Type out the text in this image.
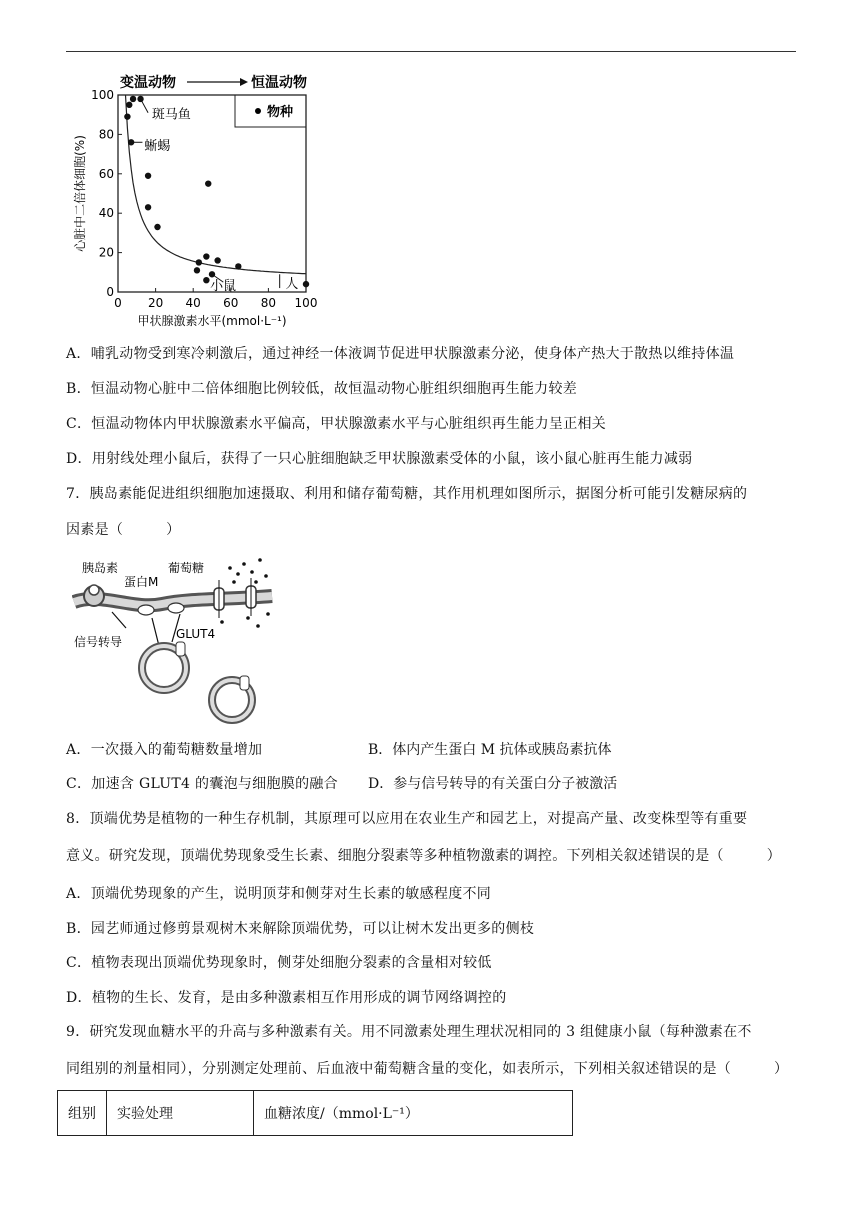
0 20 40 60 80 100
0
20
40
60
80
100
甲状腺激素水平(mmol·L⁻¹)
心脏中二倍体细胞(%)
变温动物	恒温动物
物种
斑马鱼
蜥蜴
小鼠	人
A．哺乳动物受到寒冷刺激后，通过神经一体液调节促进甲状腺激素分泌，使身体产热大于散热以维持体温
B．恒温动物心脏中二倍体细胞比例较低，故恒温动物心脏组织细胞再生能力较差
C．恒温动物体内甲状腺激素水平偏高，甲状腺激素水平与心脏组织再生能力呈正相关
D．用射线处理小鼠后，获得了一只心脏细胞缺乏甲状腺激素受体的小鼠，该小鼠心脏再生能力减弱
7．胰岛素能促进组织细胞加速摄取、利用和储存葡萄糖，其作用机理如图所示，据图分析可能引发糖尿病的
因素是（　　　）
胰岛素
蛋白M
葡萄糖
信号转导
GLUT4
A．一次摄入的葡萄糖数量增加	B．体内产生蛋白 M 抗体或胰岛素抗体
C．加速含 GLUT4 的囊泡与细胞膜的融合 D．参与信号转导的有关蛋白分子被激活
8．顶端优势是植物的一种生存机制，其原理可以应用在农业生产和园艺上，对提高产量、改变株型等有重要
意义。研究发现，顶端优势现象受生长素、细胞分裂素等多种植物激素的调控。下列相关叙述错误的是（　　　）
A．顶端优势现象的产生，说明顶芽和侧芽对生长素的敏感程度不同
B．园艺师通过修剪景观树木来解除顶端优势，可以让树木发出更多的侧枝
C．植物表现出顶端优势现象时，侧芽处细胞分裂素的含量相对较低
D．植物的生长、发育，是由多种激素相互作用形成的调节网络调控的
9．研究发现血糖水平的升高与多种激素有关。用不同激素处理生理状况相同的 3 组健康小鼠（每种激素在不
同组别的剂量相同），分别测定处理前、后血液中葡萄糖含量的变化，如表所示，下列相关叙述错误的是（　　　）
组别	实验处理	血糖浓度/（mmol·L⁻¹）
